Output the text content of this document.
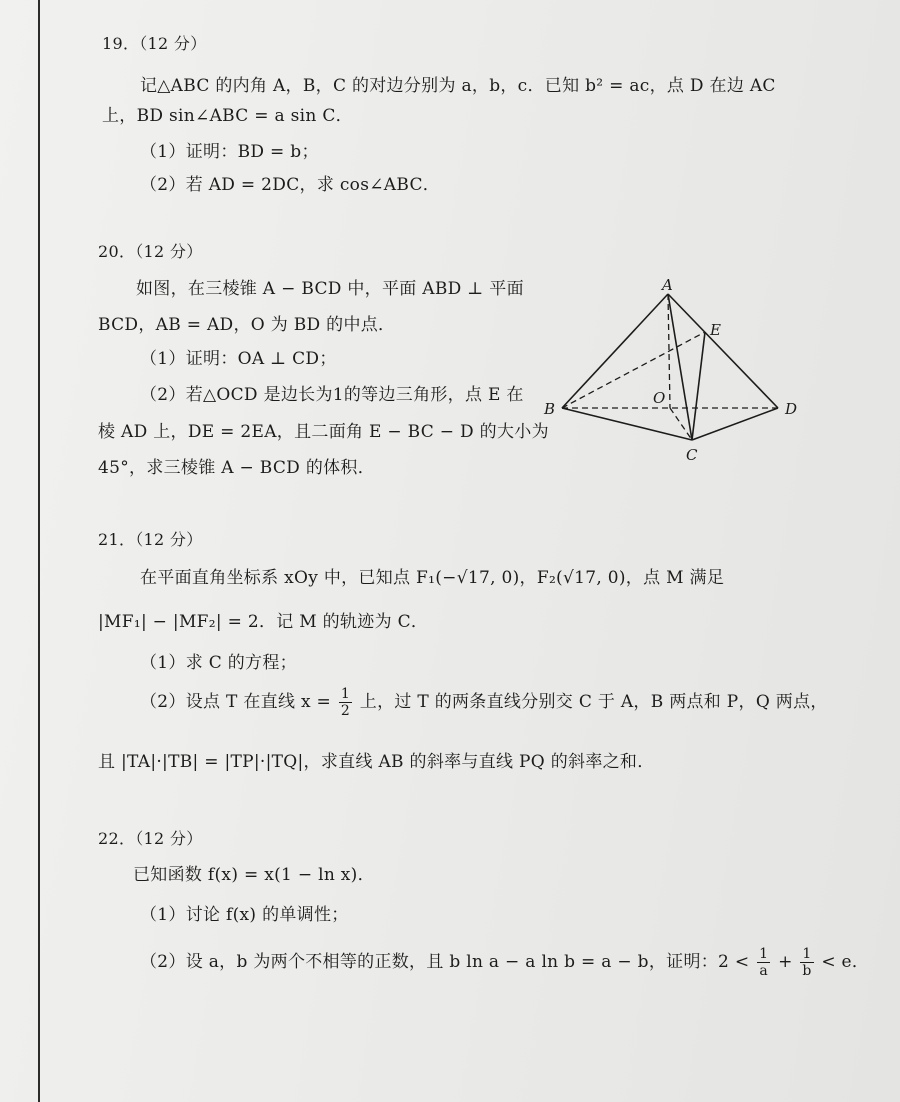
19．（12 分）
记△ABC 的内角 A，B，C 的对边分别为 a，b，c．已知 b² = ac，点 D 在边 AC
上，BD sin∠ABC = a sin C．
（1）证明：BD = b；
（2）若 AD = 2DC，求 cos∠ABC．
20．（12 分）
如图，在三棱锥 A − BCD 中，平面 ABD ⊥ 平面
BCD，AB = AD，O 为 BD 的中点．
（1）证明：OA ⊥ CD；
（2）若△OCD 是边长为1的等边三角形，点 E 在
棱 AD 上，DE = 2EA，且二面角 E − BC − D 的大小为
45°，求三棱锥 A − BCD 的体积．
A
B
C
D
E
O
21．（12 分）
在平面直角坐标系 xOy 中，已知点 F₁(−√17, 0)，F₂(√17, 0)，点 M 满足
|MF₁| − |MF₂| = 2．记 M 的轨迹为 C．
（1）求 C 的方程；
（2）设点 T 在直线 $x = \frac{1}{2}$ 上，过 T 的两条直线分别交 C 于 A，B 两点和 P，Q 两点，
且 |TA|·|TB| = |TP|·|TQ|，求直线 AB 的斜率与直线 PQ 的斜率之和．
22．（12 分）
已知函数 f(x) = x(1 − ln x)．
（1）讨论 f(x) 的单调性；
（2）设 a，b 为两个不相等的正数，且 b ln a − a ln b = a − b，证明：$2 < \frac{1}{a} + \frac{1}{b} < e$．
